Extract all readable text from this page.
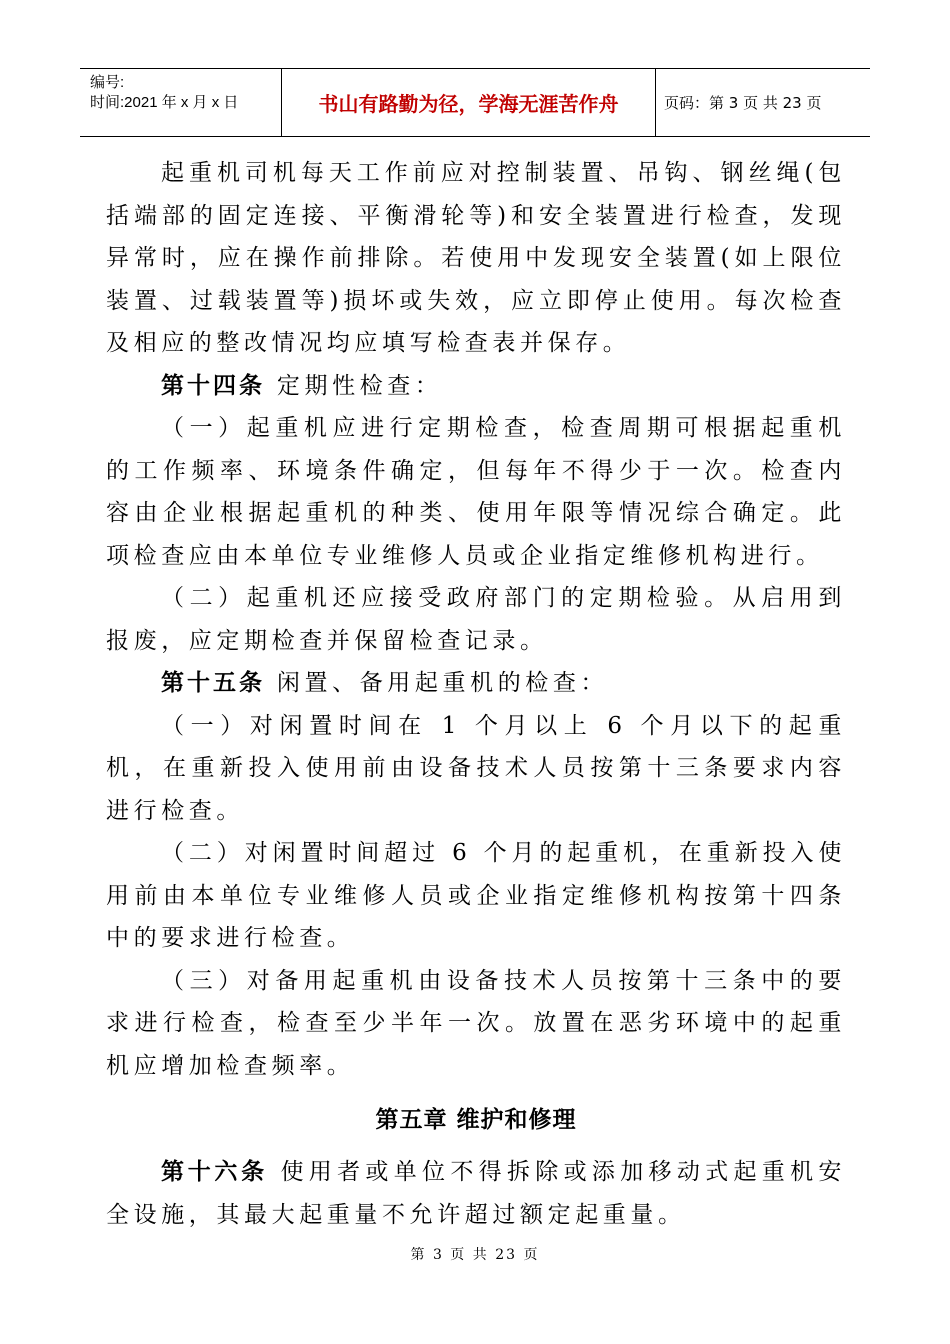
编号:
时间:2021 年 x 月 x 日	书山有路勤为径，学海无涯苦作舟	页码：第 3 页 共 23 页

起重机司机每天工作前应对控制装置、吊钩、钢丝绳(包括端部的固定连接、平衡滑轮等)和安全装置进行检查，发现异常时，应在操作前排除。若使用中发现安全装置(如上限位装置、过载装置等)损坏或失效，应立即停止使用。每次检查及相应的整改情况均应填写检查表并保存。

第十四条 定期性检查：

（一）起重机应进行定期检查，检查周期可根据起重机的工作频率、环境条件确定，但每年不得少于一次。检查内容由企业根据起重机的种类、使用年限等情况综合确定。此项检查应由本单位专业维修人员或企业指定维修机构进行。

（二）起重机还应接受政府部门的定期检验。从启用到报废，应定期检查并保留检查记录。

第十五条 闲置、备用起重机的检查：

（一）对闲置时间在 1 个月以上 6 个月以下的起重机，在重新投入使用前由设备技术人员按第十三条要求内容进行检查。

（二）对闲置时间超过 6 个月的起重机，在重新投入使用前由本单位专业维修人员或企业指定维修机构按第十四条中的要求进行检查。

（三）对备用起重机由设备技术人员按第十三条中的要求进行检查，检查至少半年一次。放置在恶劣环境中的起重机应增加检查频率。

第五章 维护和修理

第十六条 使用者或单位不得拆除或添加移动式起重机安全设施，其最大起重量不允许超过额定起重量。

第 3 页 共 23 页
